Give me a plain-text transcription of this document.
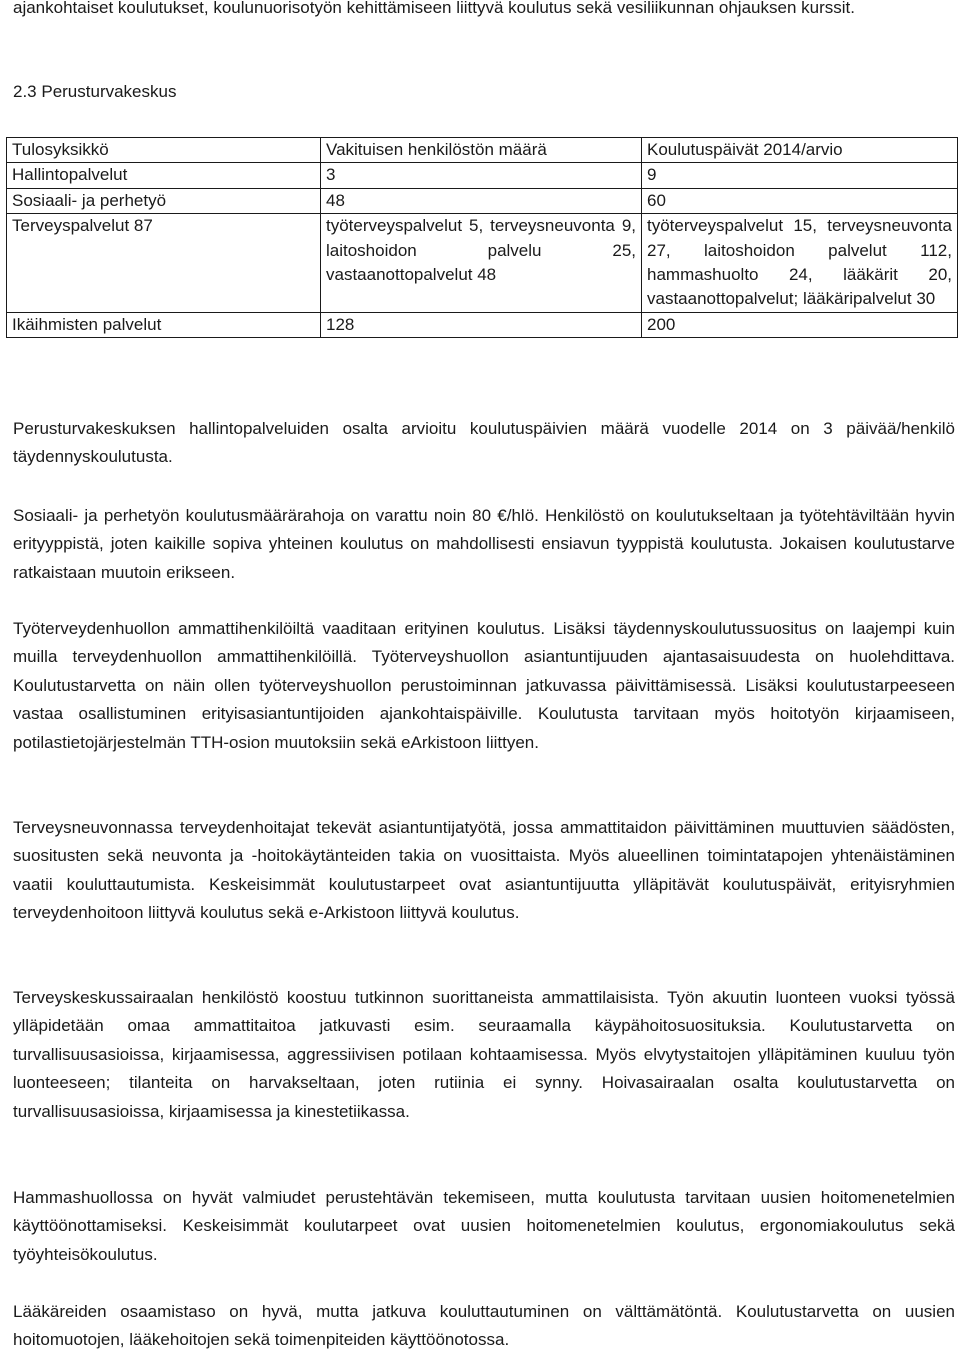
ajankohtaiset koulutukset, koulunuorisotyön kehittämiseen liittyvä koulutus sekä vesiliikunnan ohjauksen kurssit.

2.3 Perusturvakeskus

Tulosyksikkö	Vakituisen henkilöstön määrä	Koulutuspäivät 2014/arvio
Hallintopalvelut	3	9
Sosiaali- ja perhetyö	48	60
Terveyspalvelut 87	työterveyspalvelut 5, terveysneuvonta 9, laitoshoidon palvelu 25, vastaanottopalvelut 48	työterveyspalvelut 15, terveysneuvonta 27, laitoshoidon palvelut 112, hammashuolto 24, lääkärit 20, vastaanottopalvelut; lääkäripalvelut 30
Ikäihmisten palvelut	128	200

Perusturvakeskuksen hallintopalveluiden osalta arvioitu koulutuspäivien määrä vuodelle 2014 on 3 päivää/henkilö täydennyskoulutusta.

Sosiaali- ja perhetyön koulutusmäärärahoja on varattu noin 80 €/hlö. Henkilöstö on koulutukseltaan ja työtehtäviltään hyvin erityyppistä, joten kaikille sopiva yhteinen koulutus on mahdollisesti ensiavun tyyppistä koulutusta. Jokaisen koulutustarve ratkaistaan muutoin erikseen.

Työterveydenhuollon ammattihenkilöiltä vaaditaan erityinen koulutus. Lisäksi täydennyskoulutussuositus on laajempi kuin muilla terveydenhuollon ammattihenkilöillä. Työterveyshuollon asiantuntijuuden ajantasaisuudesta on huolehdittava. Koulutustarvetta on näin ollen työterveyshuollon perustoiminnan jatkuvassa päivittämisessä. Lisäksi koulutustarpeeseen vastaa osallistuminen erityisasiantuntijoiden ajankohtaispäiville. Koulutusta tarvitaan myös hoitotyön kirjaamiseen, potilastietojärjestelmän TTH-osion muutoksiin sekä eArkistoon liittyen.

Terveysneuvonnassa terveydenhoitajat tekevät asiantuntijatyötä, jossa ammattitaidon päivittäminen muuttuvien säädösten, suositusten sekä neuvonta ja -hoitokäytänteiden takia on vuosittaista. Myös alueellinen toimintatapojen yhtenäistäminen vaatii kouluttautumista. Keskeisimmät koulutustarpeet ovat asiantuntijuutta ylläpitävät koulutuspäivät, erityisryhmien terveydenhoitoon liittyvä koulutus sekä e-Arkistoon liittyvä koulutus.

Terveyskeskussairaalan henkilöstö koostuu tutkinnon suorittaneista ammattilaisista. Työn akuutin luonteen vuoksi työssä ylläpidetään omaa ammattitaitoa jatkuvasti esim. seuraamalla käypähoitosuosituksia. Koulutustarvetta on turvallisuusasioissa, kirjaamisessa, aggressiivisen potilaan kohtaamisessa. Myös elvytystaitojen ylläpitäminen kuuluu työn luonteeseen; tilanteita on harvakseltaan, joten rutiinia ei synny. Hoivasairaalan osalta koulutustarvetta on turvallisuusasioissa, kirjaamisessa ja kinestetiikassa.

Hammashuollossa on hyvät valmiudet perustehtävän tekemiseen, mutta koulutusta tarvitaan uusien hoitomenetelmien käyttöönottamiseksi. Keskeisimmät koulutarpeet ovat uusien hoitomenetelmien koulutus, ergonomiakoulutus sekä työyhteisökoulutus.

Lääkäreiden osaamistaso on hyvä, mutta jatkuva kouluttautuminen on välttämätöntä. Koulutustarvetta on uusien hoitomuotojen, lääkehoitojen sekä toimenpiteiden käyttöönotossa.
